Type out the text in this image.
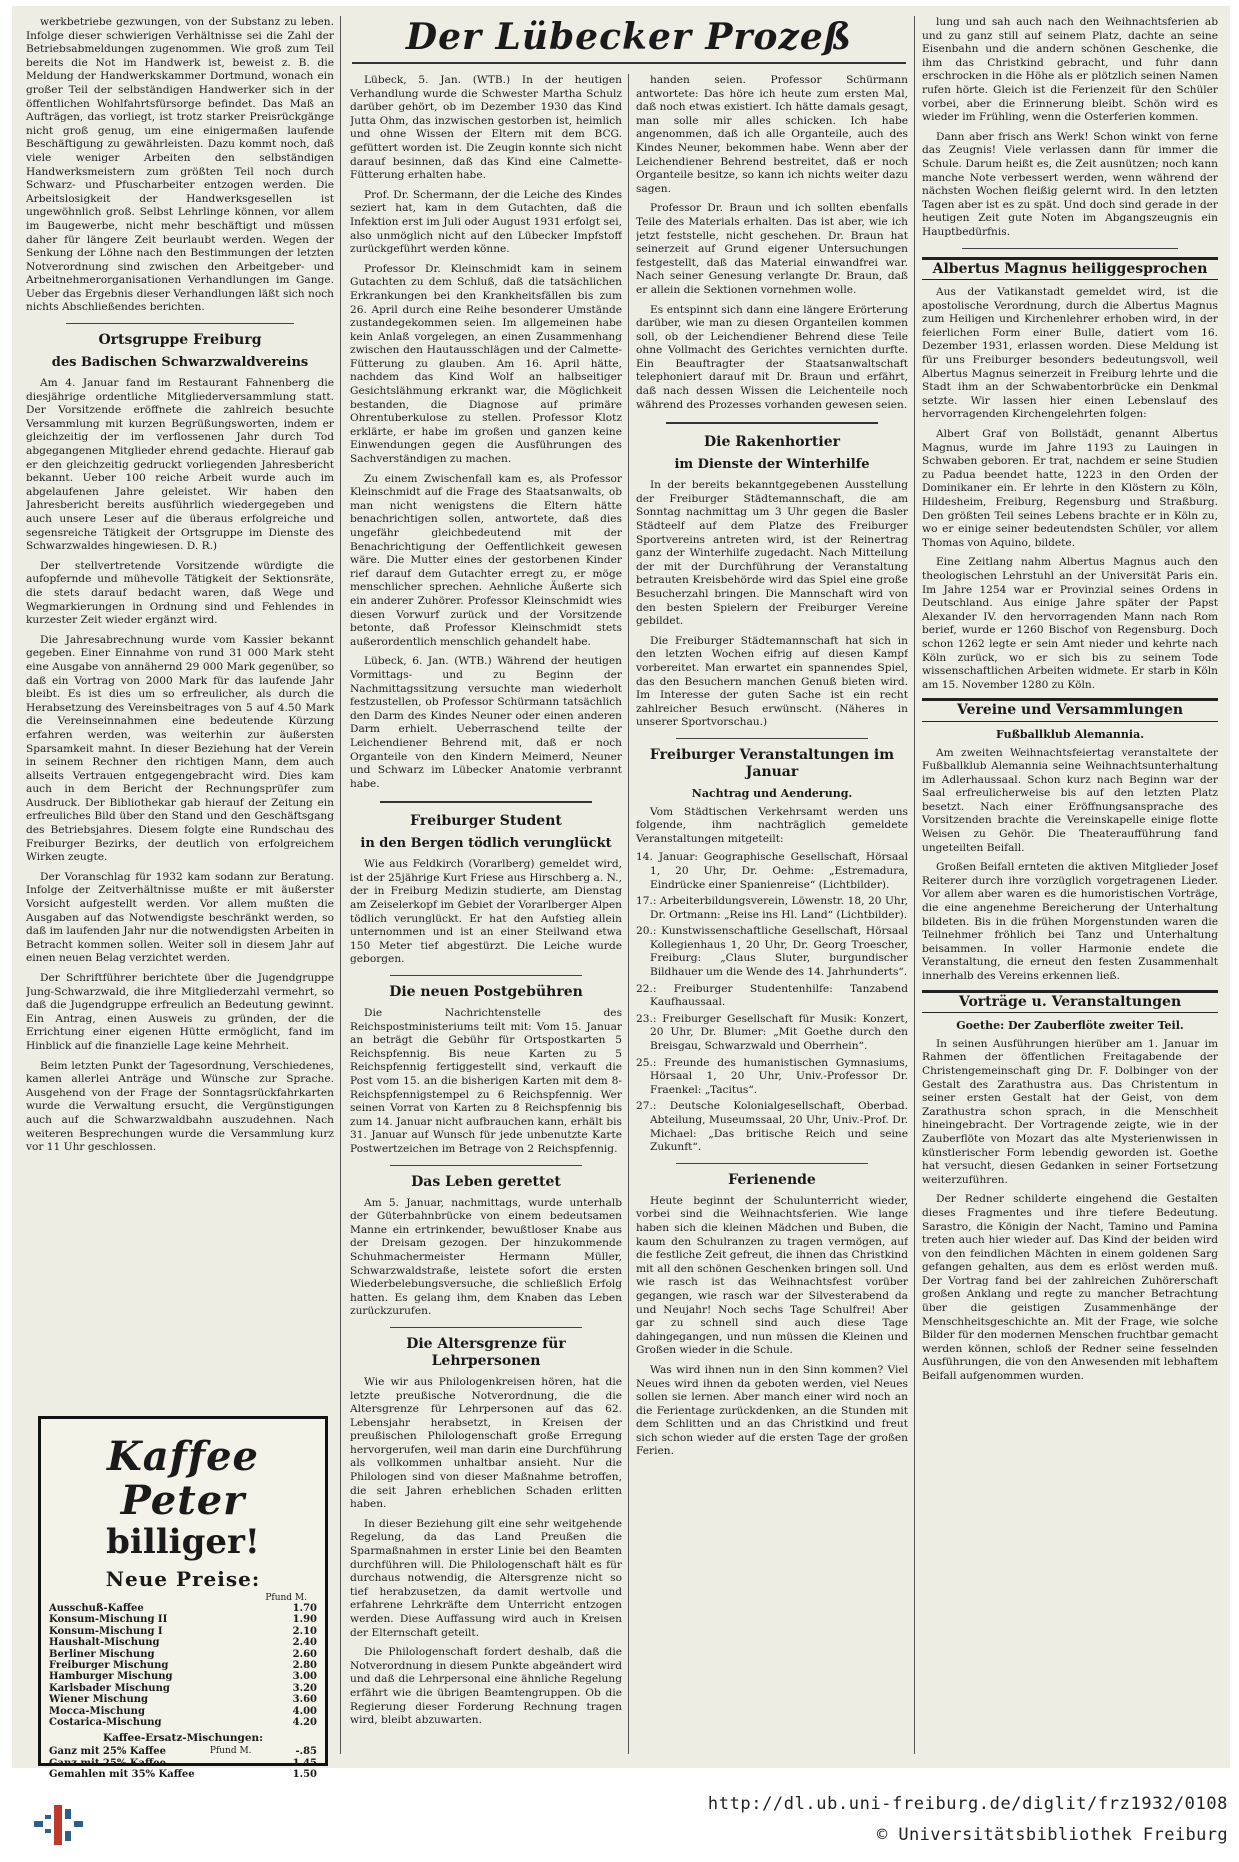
Der Lübecker Prozeß

werkbetriebe gezwungen, von der Substanz zu leben. Infolge dieser schwierigen Verhältnisse sei die Zahl der Betriebsabmeldungen zugenommen. Wie groß zum Teil bereits die Not im Handwerk ist, beweist z. B. die Meldung der Handwerkskammer Dortmund, wonach ein großer Teil der selbständigen Handwerker sich in der öffentlichen Wohlfahrtsfürsorge befindet. Das Maß an Aufträgen, das vorliegt, ist trotz starker Preisrückgänge nicht groß genug, um eine einigermaßen laufende Beschäftigung zu gewährleisten. Dazu kommt noch, daß viele weniger Arbeiten den selbständigen Handwerksmeistern zum größten Teil noch durch Schwarz- und Pfuscharbeiter entzogen werden. Die Arbeitslosigkeit der Handwerksgesellen ist ungewöhnlich groß. Selbst Lehrlinge können, vor allem im Baugewerbe, nicht mehr beschäftigt und müssen daher für längere Zeit beurlaubt werden. Wegen der Senkung der Löhne nach den Bestimmungen der letzten Notverordnung sind zwischen den Arbeitgeber- und Arbeitnehmerorganisationen Verhandlungen im Gange. Ueber das Ergebnis dieser Verhandlungen läßt sich noch nichts Abschließendes berichten.

Ortsgruppe Freiburg
des Badischen Schwarzwaldvereins

Am 4. Januar fand im Restaurant Fahnenberg die diesjährige ordentliche Mitgliederversammlung statt. Der Vorsitzende eröffnete die zahlreich besuchte Versammlung mit kurzen Begrüßungsworten, indem er gleichzeitig der im verflossenen Jahr durch Tod abgegangenen Mitglieder ehrend gedachte. Hierauf gab er den gleichzeitig gedruckt vorliegenden Jahresbericht bekannt. Ueber 100 reiche Arbeit wurde auch im abgelaufenen Jahre geleistet. Wir haben den Jahresbericht bereits ausführlich wiedergegeben und auch unsere Leser auf die überaus erfolgreiche und segensreiche Tätigkeit der Ortsgruppe im Dienste des Schwarzwaldes hingewiesen. D. R.)

Der stellvertretende Vorsitzende würdigte die aufopfernde und mühevolle Tätigkeit der Sektionsräte, die stets darauf bedacht waren, daß Wege und Wegmarkierungen in Ordnung sind und Fehlendes in kurzester Zeit wieder ergänzt wird.

Die Jahresabrechnung wurde vom Kassier bekannt gegeben. Einer Einnahme von rund 31 000 Mark steht eine Ausgabe von annähernd 29 000 Mark gegenüber, so daß ein Vortrag von 2000 Mark für das laufende Jahr bleibt. Es ist dies um so erfreulicher, als durch die Herabsetzung des Vereinsbeitrages von 5 auf 4.50 Mark die Vereinseinnahmen eine bedeutende Kürzung erfahren werden, was weiterhin zur äußersten Sparsamkeit mahnt. In dieser Beziehung hat der Verein in seinem Rechner den richtigen Mann, dem auch allseits Vertrauen entgegengebracht wird. Dies kam auch in dem Bericht der Rechnungsprüfer zum Ausdruck. Der Bibliothekar gab hierauf der Zeitung ein erfreuliches Bild über den Stand und den Geschäftsgang des Betriebsjahres. Diesem folgte eine Rundschau des Freiburger Bezirks, der deutlich von erfolgreichem Wirken zeugte.

Der Voranschlag für 1932 kam sodann zur Beratung. Infolge der Zeitverhältnisse mußte er mit äußerster Vorsicht aufgestellt werden. Vor allem mußten die Ausgaben auf das Notwendigste beschränkt werden, so daß im laufenden Jahr nur die notwendigsten Arbeiten in Betracht kommen sollen. Weiter soll in diesem Jahr auf einen neuen Belag verzichtet werden.

Der Schriftführer berichtete über die Jugendgruppe Jung-Schwarzwald, die ihre Mitgliederzahl vermehrt, so daß die Jugendgruppe erfreulich an Bedeutung gewinnt. Ein Antrag, einen Ausweis zu gründen, der die Errichtung einer eigenen Hütte ermöglicht, fand im Hinblick auf die finanzielle Lage keine Mehrheit.

Beim letzten Punkt der Tagesordnung, Verschiedenes, kamen allerlei Anträge und Wünsche zur Sprache. Ausgehend von der Frage der Sonntagsrückfahrkarten wurde die Verwaltung ersucht, die Vergünstigungen auch auf die Schwarzwaldbahn auszudehnen. Nach weiteren Besprechungen wurde die Versammlung kurz vor 11 Uhr geschlossen.

Lübeck, 5. Jan. (WTB.) In der heutigen Verhandlung wurde die Schwester Martha Schulz darüber gehört, ob im Dezember 1930 das Kind Jutta Ohm, das inzwischen gestorben ist, heimlich und ohne Wissen der Eltern mit dem BCG. gefüttert worden ist. Die Zeugin konnte sich nicht darauf besinnen, daß das Kind eine Calmette-Fütterung erhalten habe.

Prof. Dr. Schermann, der die Leiche des Kindes seziert hat, kam in dem Gutachten, daß die Infektion erst im Juli oder August 1931 erfolgt sei, also unmöglich nicht auf den Lübecker Impfstoff zurückgeführt werden könne.

Professor Dr. Kleinschmidt kam in seinem Gutachten zu dem Schluß, daß die tatsächlichen Erkrankungen bei den Krankheitsfällen bis zum 26. April durch eine Reihe besonderer Umstände zustandegekommen seien. Im allgemeinen habe kein Anlaß vorgelegen, an einen Zusammenhang zwischen den Hautausschlägen und der Calmette-Fütterung zu glauben. Am 16. April hätte, nachdem das Kind Wolf an halbseitiger Gesichtslähmung erkrankt war, die Möglichkeit bestanden, die Diagnose auf primäre Ohrentuberkulose zu stellen. Professor Klotz erklärte, er habe im großen und ganzen keine Einwendungen gegen die Ausführungen des Sachverständigen zu machen.

Zu einem Zwischenfall kam es, als Professor Kleinschmidt auf die Frage des Staatsanwalts, ob man nicht wenigstens die Eltern hätte benachrichtigen sollen, antwortete, daß dies ungefähr gleichbedeutend mit der Benachrichtigung der Oeffentlichkeit gewesen wäre. Die Mutter eines der gestorbenen Kinder rief darauf dem Gutachter erregt zu, er möge menschlicher sprechen. Aehnliche Äußerte sich ein anderer Zuhörer. Professor Kleinschmidt wies diesen Vorwurf zurück und der Vorsitzende betonte, daß Professor Kleinschmidt stets außerordentlich menschlich gehandelt habe.

Lübeck, 6. Jan. (WTB.) Während der heutigen Vormittags- und zu Beginn der Nachmittagssitzung versuchte man wiederholt festzustellen, ob Professor Schürmann tatsächlich den Darm des Kindes Neuner oder einen anderen Darm erhielt. Ueberraschend teilte der Leichendiener Behrend mit, daß er noch Organteile von den Kindern Meimerd, Neuner und Schwarz im Lübecker Anatomie verbrannt habe.

Freiburger Student
in den Bergen tödlich verunglückt

Wie aus Feldkirch (Vorarlberg) gemeldet wird, ist der 25jährige Kurt Friese aus Hirschberg a. N., der in Freiburg Medizin studierte, am Dienstag am Zeiselerkopf im Gebiet der Vorarlberger Alpen tödlich verunglückt. Er hat den Aufstieg allein unternommen und ist an einer Steilwand etwa 150 Meter tief abgestürzt. Die Leiche wurde geborgen.

Die neuen Postgebühren

Die Nachrichtenstelle des Reichspostministeriums teilt mit: Vom 15. Januar an beträgt die Gebühr für Ortspostkarten 5 Reichspfennig. Bis neue Karten zu 5 Reichspfennig fertiggestellt sind, verkauft die Post vom 15. an die bisherigen Karten mit dem 8-Reichspfennigstempel zu 6 Reichspfennig. Wer seinen Vorrat von Karten zu 8 Reichspfennig bis zum 14. Januar nicht aufbrauchen kann, erhält bis 31. Januar auf Wunsch für jede unbenutzte Karte Postwertzeichen im Betrage von 2 Reichspfennig.

Das Leben gerettet

Am 5. Januar, nachmittags, wurde unterhalb der Güterbahnbrücke von einem bedeutsamen Manne ein ertrinkender, bewußtloser Knabe aus der Dreisam gezogen. Der hinzukommende Schuhmachermeister Hermann Müller, Schwarzwaldstraße, leistete sofort die ersten Wiederbelebungsversuche, die schließlich Erfolg hatten. Es gelang ihm, dem Knaben das Leben zurückzurufen.

Die Altersgrenze für Lehrpersonen

Wie wir aus Philologenkreisen hören, hat die letzte preußische Notverordnung, die die Altersgrenze für Lehrpersonen auf das 62. Lebensjahr herabsetzt, in Kreisen der preußischen Philologenschaft große Erregung hervorgerufen, weil man darin eine Durchführung als vollkommen unhaltbar ansieht. Nur die Philologen sind von dieser Maßnahme betroffen, die seit Jahren erheblichen Schaden erlitten haben.

In dieser Beziehung gilt eine sehr weitgehende Regelung, da das Land Preußen die Sparmaßnahmen in erster Linie bei den Beamten durchführen will. Die Philologenschaft hält es für durchaus notwendig, die Altersgrenze nicht so tief herabzusetzen, da damit wertvolle und erfahrene Lehrkräfte dem Unterricht entzogen werden. Diese Auffassung wird auch in Kreisen der Elternschaft geteilt.

Die Philologenschaft fordert deshalb, daß die Notverordnung in diesem Punkte abgeändert wird und daß die Lehrpersonal eine ähnliche Regelung erfährt wie die übrigen Beamtengruppen. Ob die Regierung dieser Forderung Rechnung tragen wird, bleibt abzuwarten.

handen seien. Professor Schürmann antwortete: Das höre ich heute zum ersten Mal, daß noch etwas existiert. Ich hätte damals gesagt, man solle mir alles schicken. Ich habe angenommen, daß ich alle Organteile, auch des Kindes Neuner, bekommen habe. Wenn aber der Leichendiener Behrend bestreitet, daß er noch Organteile besitze, so kann ich nichts weiter dazu sagen.

Professor Dr. Braun und ich sollten ebenfalls Teile des Materials erhalten. Das ist aber, wie ich jetzt feststelle, nicht geschehen. Dr. Braun hat seinerzeit auf Grund eigener Untersuchungen festgestellt, daß das Material einwandfrei war. Nach seiner Genesung verlangte Dr. Braun, daß er allein die Sektionen vornehmen wolle.

Es entspinnt sich dann eine längere Erörterung darüber, wie man zu diesen Organteilen kommen soll, ob der Leichendiener Behrend diese Teile ohne Vollmacht des Gerichtes vernichten durfte. Ein Beauftragter der Staatsanwaltschaft telephoniert darauf mit Dr. Braun und erfährt, daß nach dessen Wissen die Leichenteile noch während des Prozesses vorhanden gewesen seien.

Die Rakenhortier
im Dienste der Winterhilfe

In der bereits bekanntgegebenen Ausstellung der Freiburger Städtemannschaft, die am Sonntag nachmittag um 3 Uhr gegen die Basler Städteelf auf dem Platze des Freiburger Sportvereins antreten wird, ist der Reinertrag ganz der Winterhilfe zugedacht. Nach Mitteilung der mit der Durchführung der Veranstaltung betrauten Kreisbehörde wird das Spiel eine große Besucherzahl bringen. Die Mannschaft wird von den besten Spielern der Freiburger Vereine gebildet.

Die Freiburger Städtemannschaft hat sich in den letzten Wochen eifrig auf diesen Kampf vorbereitet. Man erwartet ein spannendes Spiel, das den Besuchern manchen Genuß bieten wird. Im Interesse der guten Sache ist ein recht zahlreicher Besuch erwünscht. (Näheres in unserer Sportvorschau.)

Freiburger Veranstaltungen im Januar
Nachtrag und Aenderung.

Vom Städtischen Verkehrsamt werden uns folgende, ihm nachträglich gemeldete Veranstaltungen mitgeteilt:

14. Januar: Geographische Gesellschaft, Hörsaal 1, 20 Uhr, Dr. Oehme: „Estremadura, Eindrücke einer Spanienreise“ (Lichtbilder).

17.: Arbeiterbildungsverein, Löwenstr. 18, 20 Uhr, Dr. Ortmann: „Reise ins Hl. Land“ (Lichtbilder).

20.: Kunstwissenschaftliche Gesellschaft, Hörsaal Kollegienhaus 1, 20 Uhr, Dr. Georg Troescher, Freiburg: „Claus Sluter, burgundischer Bildhauer um die Wende des 14. Jahrhunderts“.

22.: Freiburger Studentenhilfe: Tanzabend Kaufhaussaal.

23.: Freiburger Gesellschaft für Musik: Konzert, 20 Uhr, Dr. Blumer: „Mit Goethe durch den Breisgau, Schwarzwald und Oberrhein“.

25.: Freunde des humanistischen Gymnasiums, Hörsaal 1, 20 Uhr, Univ.-Professor Dr. Fraenkel: „Tacitus“.

27.: Deutsche Kolonialgesellschaft, Oberbad. Abteilung, Museumssaal, 20 Uhr, Univ.-Prof. Dr. Michael: „Das britische Reich und seine Zukunft“.

Ferienende

Heute beginnt der Schulunterricht wieder, vorbei sind die Weihnachtsferien. Wie lange haben sich die kleinen Mädchen und Buben, die kaum den Schulranzen zu tragen vermögen, auf die festliche Zeit gefreut, die ihnen das Christkind mit all den schönen Geschenken bringen soll. Und wie rasch ist das Weihnachtsfest vorüber gegangen, wie rasch war der Silvesterabend da und Neujahr! Noch sechs Tage Schulfrei! Aber gar zu schnell sind auch diese Tage dahingegangen, und nun müssen die Kleinen und Großen wieder in die Schule.

Was wird ihnen nun in den Sinn kommen? Viel Neues wird ihnen da geboten werden, viel Neues sollen sie lernen. Aber manch einer wird noch an die Ferientage zurückdenken, an die Stunden mit dem Schlitten und an das Christkind und freut sich schon wieder auf die ersten Tage der großen Ferien.

lung und sah auch nach den Weihnachtsferien ab und zu ganz still auf seinem Platz, dachte an seine Eisenbahn und die andern schönen Geschenke, die ihm das Christkind gebracht, und fuhr dann erschrocken in die Höhe als er plötzlich seinen Namen rufen hörte. Gleich ist die Ferienzeit für den Schüler vorbei, aber die Erinnerung bleibt. Schön wird es wieder im Frühling, wenn die Osterferien kommen.

Dann aber frisch ans Werk! Schon winkt von ferne das Zeugnis! Viele verlassen dann für immer die Schule. Darum heißt es, die Zeit ausnützen; noch kann manche Note verbessert werden, wenn während der nächsten Wochen fleißig gelernt wird. In den letzten Tagen aber ist es zu spät. Und doch sind gerade in der heutigen Zeit gute Noten im Abgangszeugnis ein Hauptbedürfnis.

Albertus Magnus heiliggesprochen

Aus der Vatikanstadt gemeldet wird, ist die apostolische Verordnung, durch die Albertus Magnus zum Heiligen und Kirchenlehrer erhoben wird, in der feierlichen Form einer Bulle, datiert vom 16. Dezember 1931, erlassen worden. Diese Meldung ist für uns Freiburger besonders bedeutungsvoll, weil Albertus Magnus seinerzeit in Freiburg lehrte und die Stadt ihm an der Schwabentorbrücke ein Denkmal setzte. Wir lassen hier einen Lebenslauf des hervorragenden Kirchengelehrten folgen:

Albert Graf von Bollstädt, genannt Albertus Magnus, wurde im Jahre 1193 zu Lauingen in Schwaben geboren. Er trat, nachdem er seine Studien zu Padua beendet hatte, 1223 in den Orden der Dominikaner ein. Er lehrte in den Klöstern zu Köln, Hildesheim, Freiburg, Regensburg und Straßburg. Den größten Teil seines Lebens brachte er in Köln zu, wo er einige seiner bedeutendsten Schüler, vor allem Thomas von Aquino, bildete.

Eine Zeitlang nahm Albertus Magnus auch den theologischen Lehrstuhl an der Universität Paris ein. Im Jahre 1254 war er Provinzial seines Ordens in Deutschland. Aus einige Jahre später der Papst Alexander IV. den hervorragenden Mann nach Rom berief, wurde er 1260 Bischof von Regensburg. Doch schon 1262 legte er sein Amt nieder und kehrte nach Köln zurück, wo er sich bis zu seinem Tode wissenschaftlichen Arbeiten widmete. Er starb in Köln am 15. November 1280 zu Köln.

Vereine und Versammlungen
Fußballklub Alemannia.

Am zweiten Weihnachtsfeiertag veranstaltete der Fußballklub Alemannia seine Weihnachtsunterhaltung im Adlerhaussaal. Schon kurz nach Beginn war der Saal erfreulicherweise bis auf den letzten Platz besetzt. Nach einer Eröffnungsansprache des Vorsitzenden brachte die Vereinskapelle einige flotte Weisen zu Gehör. Die Theateraufführung fand ungeteilten Beifall.

Großen Beifall ernteten die aktiven Mitglieder Josef Reiterer durch ihre vorzüglich vorgetragenen Lieder. Vor allem aber waren es die humoristischen Vorträge, die eine angenehme Bereicherung der Unterhaltung bildeten. Bis in die frühen Morgenstunden waren die Teilnehmer fröhlich bei Tanz und Unterhaltung beisammen. In voller Harmonie endete die Veranstaltung, die erneut den festen Zusammenhalt innerhalb des Vereins erkennen ließ.

Vorträge u. Veranstaltungen
Goethe: Der Zauberflöte zweiter Teil.

In seinen Ausführungen hierüber am 1. Januar im Rahmen der öffentlichen Freitagabende der Christengemeinschaft ging Dr. F. Dolbinger von der Gestalt des Zarathustra aus. Das Christentum in seiner ersten Gestalt hat der Geist, von dem Zarathustra schon sprach, in die Menschheit hineingebracht. Der Vortragende zeigte, wie in der Zauberflöte von Mozart das alte Mysterienwissen in künstlerischer Form lebendig geworden ist. Goethe hat versucht, diesen Gedanken in seiner Fortsetzung weiterzuführen.

Der Redner schilderte eingehend die Gestalten dieses Fragmentes und ihre tiefere Bedeutung. Sarastro, die Königin der Nacht, Tamino und Pamina treten auch hier wieder auf. Das Kind der beiden wird von den feindlichen Mächten in einem goldenen Sarg gefangen gehalten, aus dem es erlöst werden muß. Der Vortrag fand bei der zahlreichen Zuhörerschaft großen Anklang und regte zu mancher Betrachtung über die geistigen Zusammenhänge der Menschheitsgeschichte an. Mit der Frage, wie solche Bilder für den modernen Menschen fruchtbar gemacht werden können, schloß der Redner seine fesselnden Ausführungen, die von den Anwesenden mit lebhaftem Beifall aufgenommen wurden.

Kaffee Peter
billiger!
Neue Preise:
Pfund M.
Ausschuß-Kaffee	1.70
Konsum-Mischung II	1.90
Konsum-Mischung I	2.10
Haushalt-Mischung	2.40
Berliner Mischung	2.60
Freiburger Mischung	2.80
Hamburger Mischung	3.00
Karlsbader Mischung	3.20
Wiener Mischung	3.60
Mocca-Mischung	4.00
Costarica-Mischung	4.20
Kaffee-Ersatz-Mischungen:
Ganz mit 25% Kaffee	Pfund M.	-.85
Ganz mit 25% Kaffee	1.45
Gemahlen mit 35% Kaffee	1.50
http://dl.ub.uni-freiburg.de/diglit/frz1932/0108
© Universitätsbibliothek Freiburg
